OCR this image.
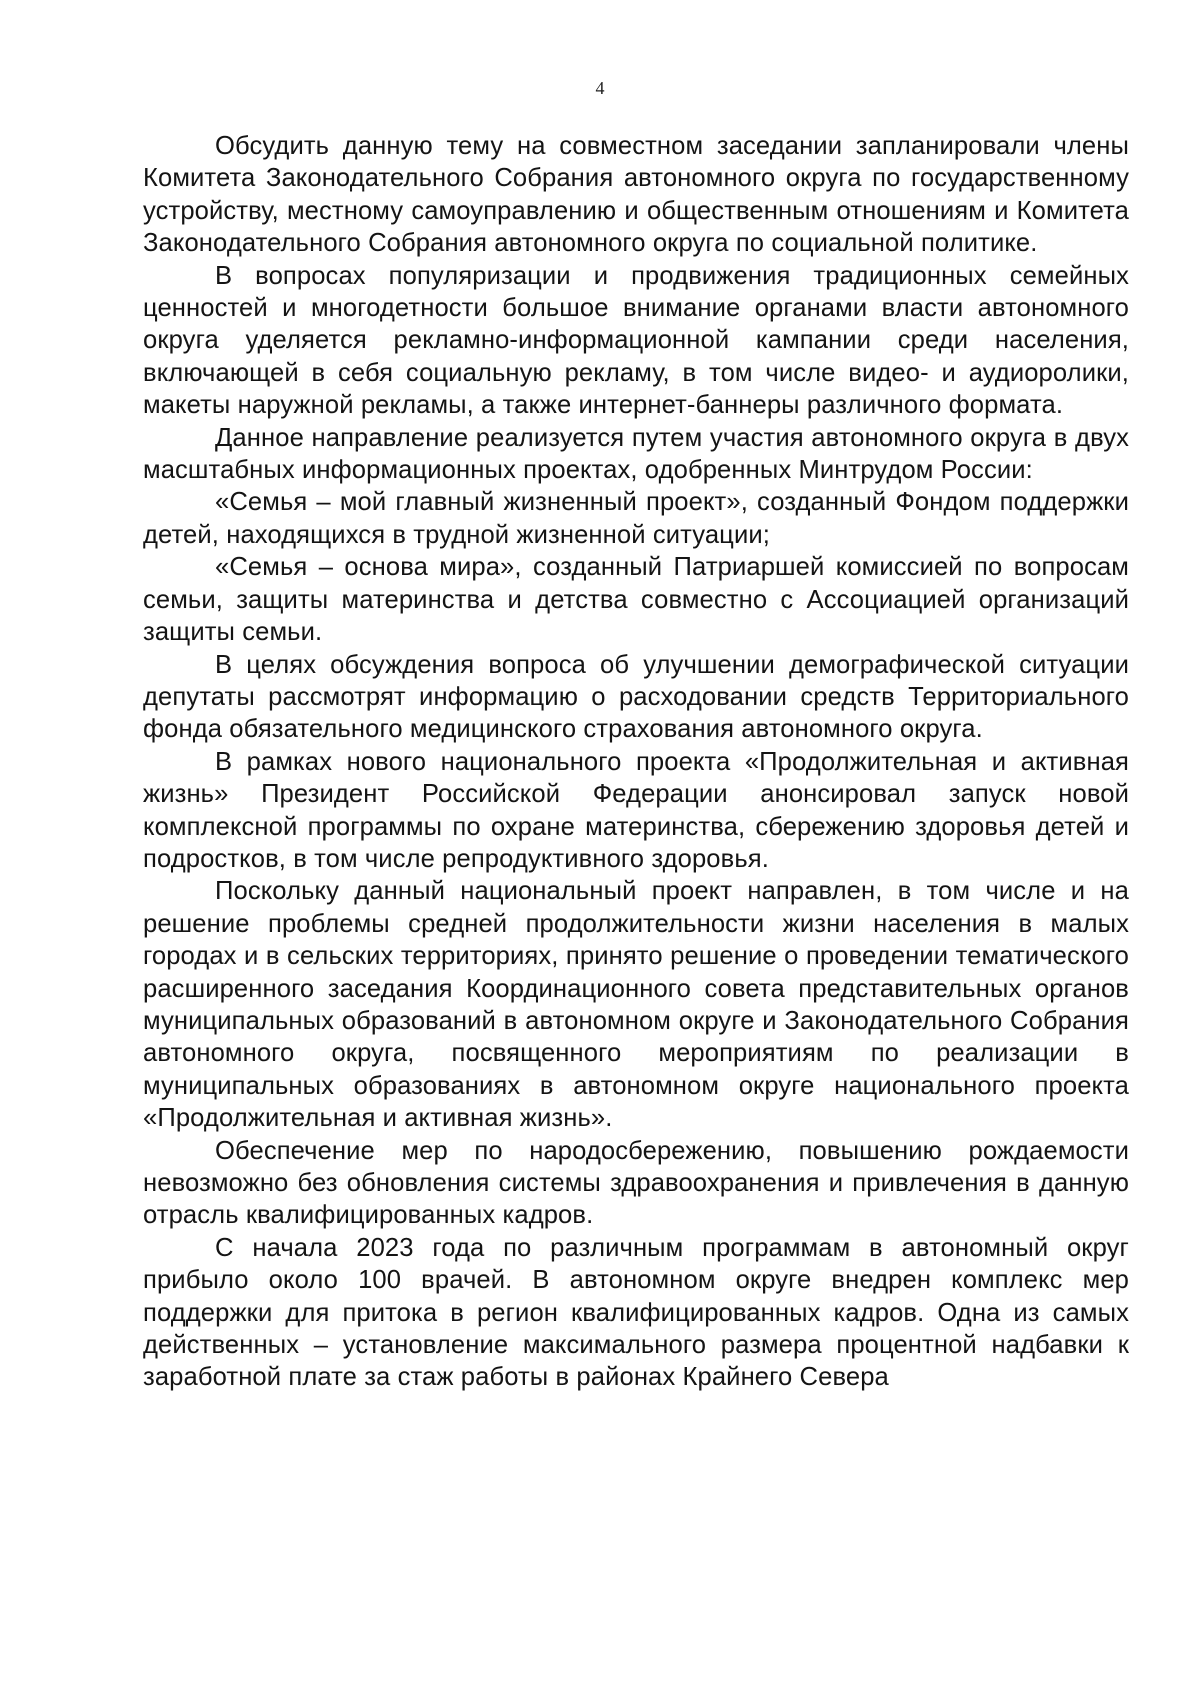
4

Обсудить данную тему на совместном заседании запланировали члены Комитета Законодательного Собрания автономного округа по государственному устройству, местному самоуправлению и общественным отношениям и Комитета Законодательного Собрания автономного округа по социальной политике.

В вопросах популяризации и продвижения традиционных семейных ценностей и многодетности большое внимание органами власти автономного округа уделяется рекламно-информационной кампании среди населения, включающей в себя социальную рекламу, в том числе видео- и аудиоролики, макеты наружной рекламы, а также интернет-баннеры различного формата.

Данное направление реализуется путем участия автономного округа в двух масштабных информационных проектах, одобренных Минтрудом России:

«Семья – мой главный жизненный проект», созданный Фондом поддержки детей, находящихся в трудной жизненной ситуации;

«Семья – основа мира», созданный Патриаршей комиссией по вопросам семьи, защиты материнства и детства совместно с Ассоциацией организаций защиты семьи.

В целях обсуждения вопроса об улучшении демографической ситуации депутаты рассмотрят информацию о расходовании средств Территориального фонда обязательного медицинского страхования автономного округа.

В рамках нового национального проекта «Продолжительная и активная жизнь» Президент Российской Федерации анонсировал запуск новой комплексной программы по охране материнства, сбережению здоровья детей и подростков, в том числе репродуктивного здоровья.

Поскольку данный национальный проект направлен, в том числе и на решение проблемы средней продолжительности жизни населения в малых городах и в сельских территориях, принято решение о проведении тематического расширенного заседания Координационного совета представительных органов муниципальных образований в автономном округе и Законодательного Собрания автономного округа, посвященного мероприятиям по реализации в муниципальных образованиях в автономном округе национального проекта «Продолжительная и активная жизнь».

Обеспечение мер по народосбережению, повышению рождаемости невозможно без обновления системы здравоохранения и привлечения в данную отрасль квалифицированных кадров.

С начала 2023 года по различным программам в автономный округ прибыло около 100 врачей. В автономном округе внедрен комплекс мер поддержки для притока в регион квалифицированных кадров. Одна из самых действенных – установление максимального размера процентной надбавки к заработной плате за стаж работы в районах Крайнего Севера
